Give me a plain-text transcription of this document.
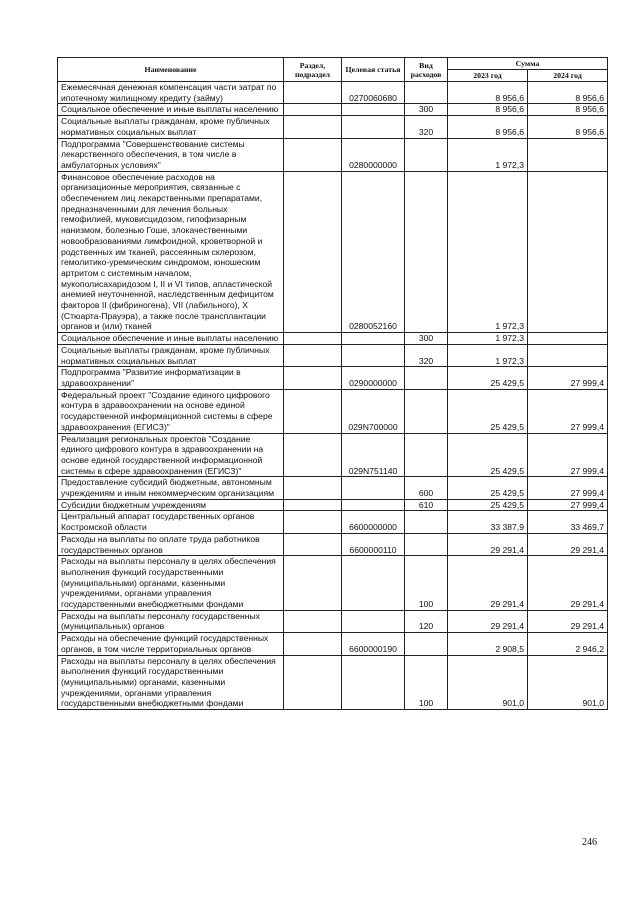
Наименование	Раздел, подраздел	Целевая статья	Вид расходов	Сумма	
				2023 год	2024 год
Ежемесячная денежная компенсация части затрат по ипотечному жилищному кредиту (займу)		0270060680		8 956,6	8 956,6
Социальное обеспечение и иные выплаты населению			300	8 956,6	8 956,6
Социальные выплаты гражданам, кроме публичных нормативных социальных выплат			320	8 956,6	8 956,6
Подпрограмма "Совершенствование системы лекарственного обеспечения, в том числе в амбулаторных условиях"		0280000000		1 972,3	
Финансовое обеспечение расходов на организационные мероприятия, связанные с обеспечением лиц лекарственными препаратами, предназначенными для лечения больных гемофилией, муковисцидозом, гипофизарным нанизмом, болезнью Гоше, злокачественными новообразованиями лимфоидной, кроветворной и родственных им тканей, рассеянным склерозом, гемолитико-уремическим синдромом, юношеским артритом с системным началом, мукополисахаридозом I, II и VI типов, апластической анемией неуточненной, наследственным дефицитом факторов II (фибриногена), VII (лабильного), X (Стюарта-Прауэра), а также после трансплантации органов и (или) тканей		0280052160		1 972,3	
Социальное обеспечение и иные выплаты населению			300	1 972,3	
Социальные выплаты гражданам, кроме публичных нормативных социальных выплат			320	1 972,3	
Подпрограмма "Развитие информатизации в здравоохранении"		0290000000		25 429,5	27 999,4
Федеральный проект "Создание единого цифрового контура в здравоохранении на основе единой государственной информационной системы в сфере здравоохранения (ЕГИСЗ)"		029N700000		25 429,5	27 999,4
Реализация региональных проектов "Создание единого цифрового контура в здравоохранении на основе единой государственной информационной системы в сфере здравоохранения (ЕГИСЗ)"		029N751140		25 429,5	27 999,4
Предоставление субсидий бюджетным, автономным учреждениям и иным некоммерческим организациям			600	25 429,5	27 999,4
Субсидии бюджетным учреждениям			610	25 429,5	27 999,4
Центральный аппарат государственных органов Костромской области		6600000000		33 387,9	33 469,7
Расходы на выплаты по оплате труда работников государственных органов		6600000110		29 291,4	29 291,4
Расходы на выплаты персоналу в целях обеспечения выполнения функций государственными (муниципальными) органами, казенными учреждениями, органами управления государственными внебюджетными фондами			100	29 291,4	29 291,4
Расходы на выплаты персоналу государственных (муниципальных) органов			120	29 291,4	29 291,4
Расходы на обеспечение функций государственных органов, в том числе территориальных органов		6600000190		2 908,5	2 946,2
Расходы на выплаты персоналу в целях обеспечения выполнения функций государственными (муниципальными) органами, казенными учреждениями, органами управления государственными внебюджетными фондами			100	901,0	901,0
246
